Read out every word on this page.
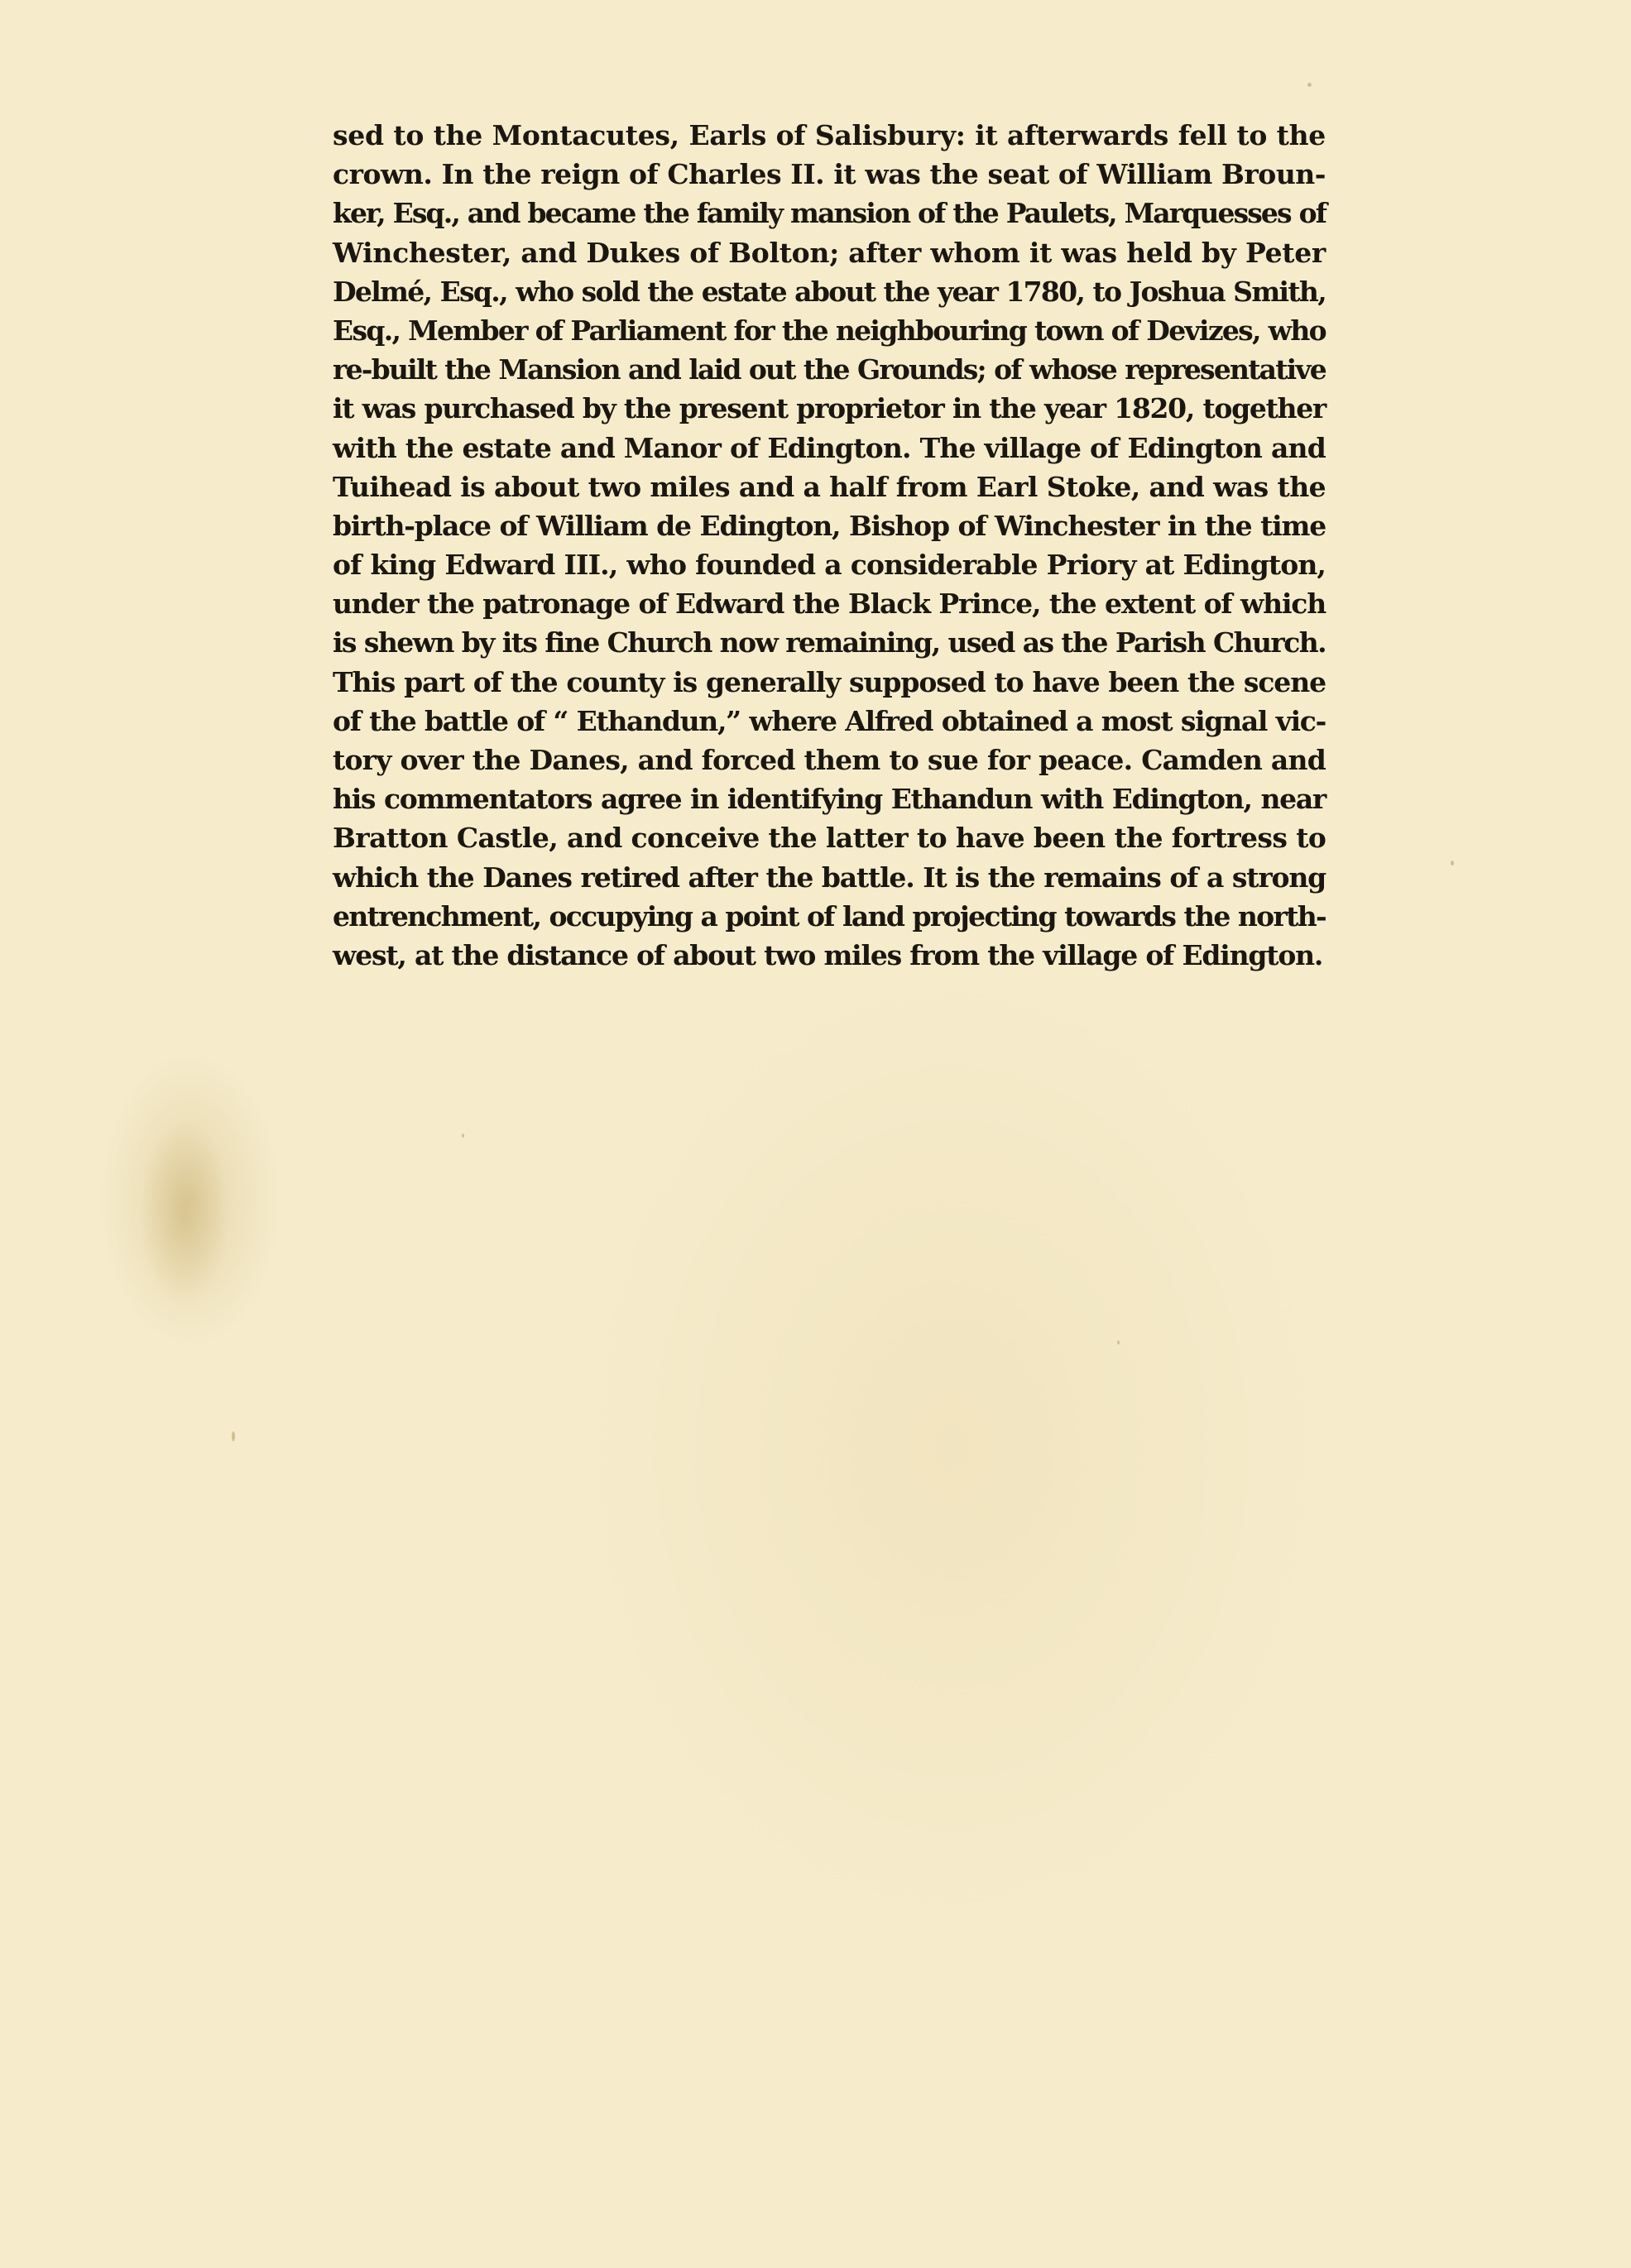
sed to the Montacutes, Earls of Salisbury: it afterwards fell to the
crown. In the reign of Charles II. it was the seat of William Broun-
ker, Esq., and became the family mansion of the Paulets, Marquesses of
Winchester, and Dukes of Bolton; after whom it was held by Peter
Delmé, Esq., who sold the estate about the year 1780, to Joshua Smith,
Esq., Member of Parliament for the neighbouring town of Devizes, who
re-built the Mansion and laid out the Grounds; of whose representative
it was purchased by the present proprietor in the year 1820, together
with the estate and Manor of Edington. The village of Edington and
Tuihead is about two miles and a half from Earl Stoke, and was the
birth-place of William de Edington, Bishop of Winchester in the time
of king Edward III., who founded a considerable Priory at Edington,
under the patronage of Edward the Black Prince, the extent of which
is shewn by its fine Church now remaining, used as the Parish Church.
This part of the county is generally supposed to have been the scene
of the battle of “ Ethandun,” where Alfred obtained a most signal vic-
tory over the Danes, and forced them to sue for peace. Camden and
his commentators agree in identifying Ethandun with Edington, near
Bratton Castle, and conceive the latter to have been the fortress to
which the Danes retired after the battle. It is the remains of a strong
entrenchment, occupying a point of land projecting towards the north-
west, at the distance of about two miles from the village of Edington.
